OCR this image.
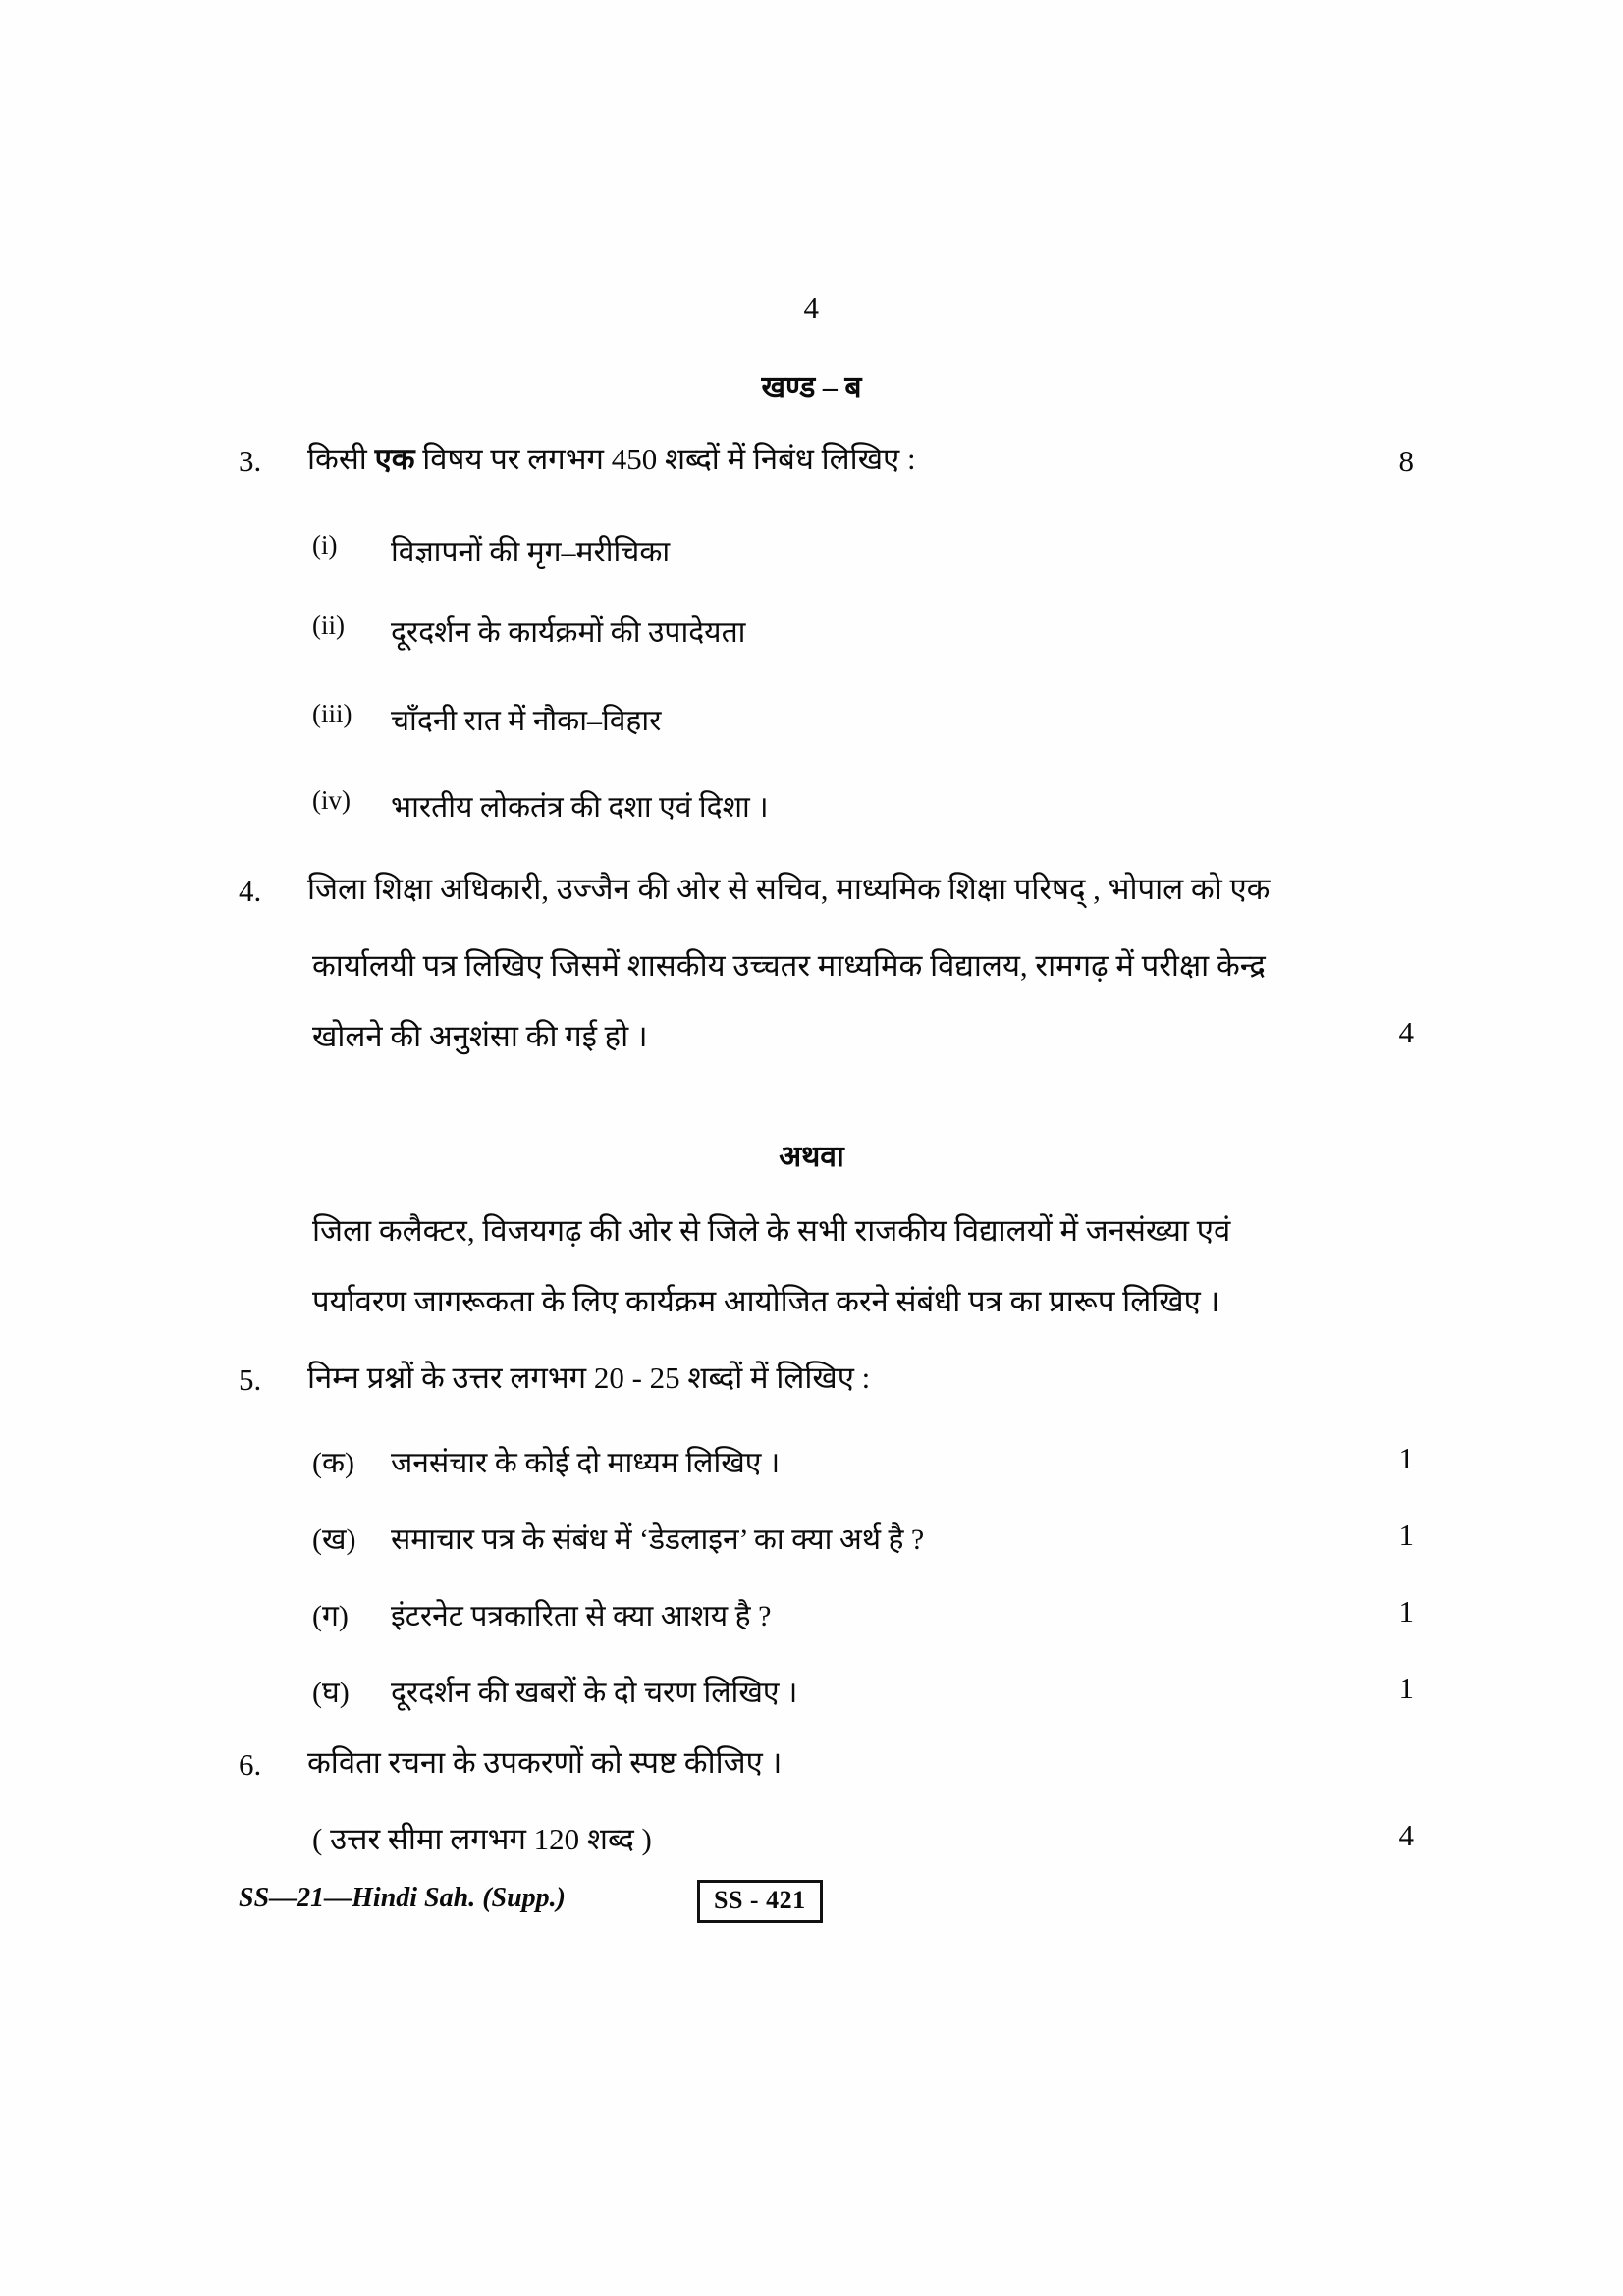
4
खण्ड – ब
3.	किसी एक विषय पर लगभग 450 शब्दों में निबंध लिखिए :	8
(i)	विज्ञापनों की मृग–मरीचिका
(ii)	दूरदर्शन के कार्यक्रमों की उपादेयता
(iii)	चाँदनी रात में नौका–विहार
(iv)	भारतीय लोकतंत्र की दशा एवं दिशा ।
4.	जिला शिक्षा अधिकारी, उज्जैन की ओर से सचिव, माध्यमिक शिक्षा परिषद् , भोपाल को एक
कार्यालयी पत्र लिखिए जिसमें शासकीय उच्चतर माध्यमिक विद्यालय, रामगढ़ में परीक्षा केन्द्र
खोलने की अनुशंसा की गई हो ।	4
अथवा
जिला कलैक्टर, विजयगढ़ की ओर से जिले के सभी राजकीय विद्यालयों में जनसंख्या एवं
पर्यावरण जागरूकता के लिए कार्यक्रम आयोजित करने संबंधी पत्र का प्रारूप लिखिए ।
5.	निम्न प्रश्नों के उत्तर लगभग 20 - 25 शब्दों में लिखिए :
(क)	जनसंचार के कोई दो माध्यम लिखिए ।	1
(ख)	समाचार पत्र के संबंध में ‘डेडलाइन’ का क्या अर्थ है ?	1
(ग)	इंटरनेट पत्रकारिता से क्या आशय है ?	1
(घ)	दूरदर्शन की खबरों के दो चरण लिखिए ।	1
6.	कविता रचना के उपकरणों को स्पष्ट कीजिए ।
( उत्तर सीमा लगभग 120 शब्द )	4
SS—21—Hindi Sah. (Supp.)	SS - 421
